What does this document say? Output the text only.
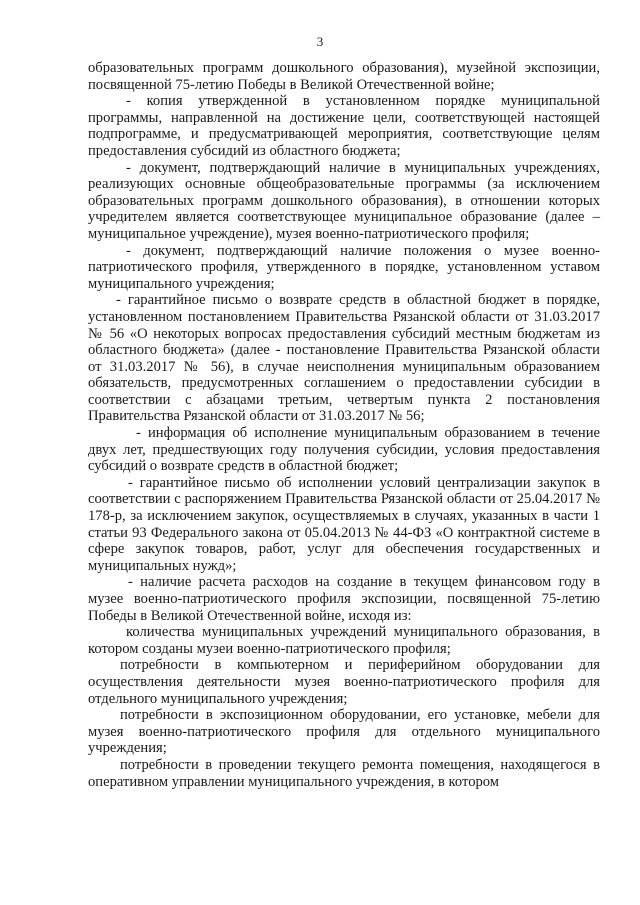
3

образовательных программ дошкольного образования), музейной экспозиции, посвященной 75-летию Победы в Великой Отечественной войне;

- копия утвержденной в установленном порядке муниципальной программы, направленной на достижение цели, соответствующей настоящей подпрограмме, и предусматривающей мероприятия, соответствующие целям предоставления субсидий из областного бюджета;

- документ, подтверждающий наличие в муниципальных учреждениях, реализующих основные общеобразовательные программы (за исключением образовательных программ дошкольного образования), в отношении которых учредителем является соответствующее муниципальное образование (далее – муниципальное учреждение), музея военно-патриотического профиля;

- документ, подтверждающий наличие положения о музее военно-патриотического профиля, утвержденного в порядке, установленном уставом муниципального учреждения;

- гарантийное письмо о возврате средств в областной бюджет в порядке, установленном постановлением Правительства Рязанской области от 31.03.2017 № 56 «О некоторых вопросах предоставления субсидий местным бюджетам из областного бюджета» (далее - постановление Правительства Рязанской области от 31.03.2017 № 56), в случае неисполнения муниципальным образованием обязательств, предусмотренных соглашением о предоставлении субсидии в соответствии с абзацами третьим, четвертым пункта 2 постановления Правительства Рязанской области от 31.03.2017 № 56;

- информация об исполнение муниципальным образованием в течение двух лет, предшествующих году получения субсидии, условия предоставления субсидий о возврате средств в областной бюджет;

- гарантийное письмо об исполнении условий централизации закупок в соответствии с распоряжением Правительства Рязанской области от 25.04.2017 № 178-р, за исключением закупок, осуществляемых в случаях, указанных в части 1 статьи 93 Федерального закона от 05.04.2013 № 44-ФЗ «О контрактной системе в сфере закупок товаров, работ, услуг для обеспечения государственных и муниципальных нужд»;

- наличие расчета расходов на создание в текущем финансовом году в музее военно-патриотического профиля экспозиции, посвященной 75-летию Победы в Великой Отечественной войне, исходя из:

количества муниципальных учреждений муниципального образования, в котором созданы музеи военно-патриотического профиля;

потребности в компьютерном и периферийном оборудовании для осуществления деятельности музея военно-патриотического профиля для отдельного муниципального учреждения;

потребности в экспозиционном оборудовании, его установке, мебели для музея военно-патриотического профиля для отдельного муниципального учреждения;

потребности в проведении текущего ремонта помещения, находящегося в оперативном управлении муниципального учреждения, в котором
